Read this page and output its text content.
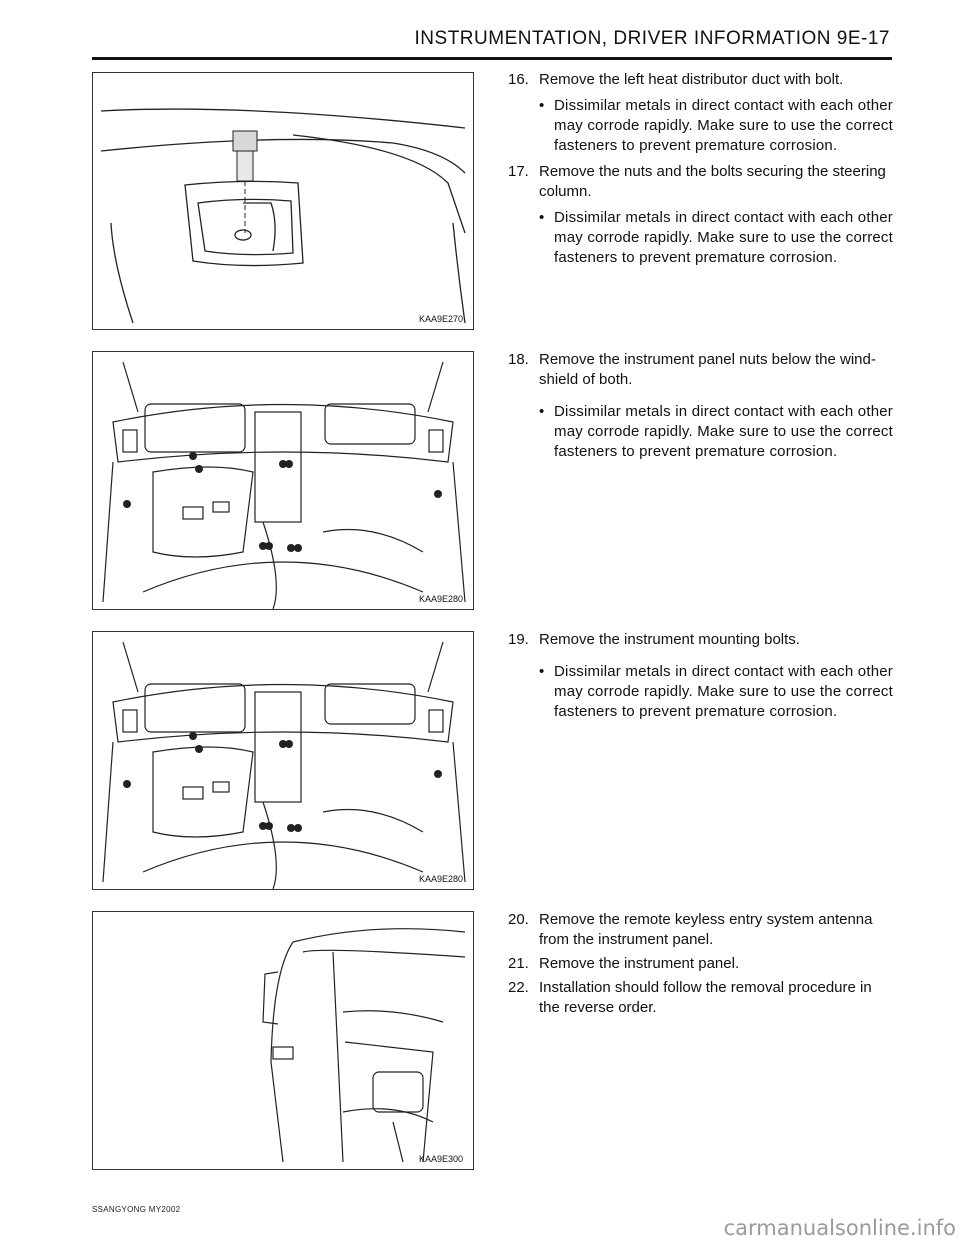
INSTRUMENTATION, DRIVER INFORMATION 9E-17
KAA9E270
KAA9E280
KAA9E280
KAA9E300
16. Remove the left heat distributor duct with bolt.
• Dissimilar metals in direct contact with each other may corrode rapidly. Make sure to use the correct fasteners to prevent premature corrosion.
17. Remove the nuts and the bolts securing the steering column.
• Dissimilar metals in direct contact with each other may corrode rapidly. Make sure to use the correct fasteners to prevent premature corrosion.
18. Remove the instrument panel nuts below the wind-shield of both.
• Dissimilar metals in direct contact with each other may corrode rapidly. Make sure to use the correct fasteners to prevent premature corrosion.
19. Remove the instrument mounting bolts.
• Dissimilar metals in direct contact with each other may corrode rapidly. Make sure to use the correct fasteners to prevent premature corrosion.
20. Remove the remote keyless entry system antenna from the instrument panel.
21. Remove the instrument panel.
22. Installation should follow the removal procedure in the reverse order.
SSANGYONG MY2002
carmanualsonline.info
